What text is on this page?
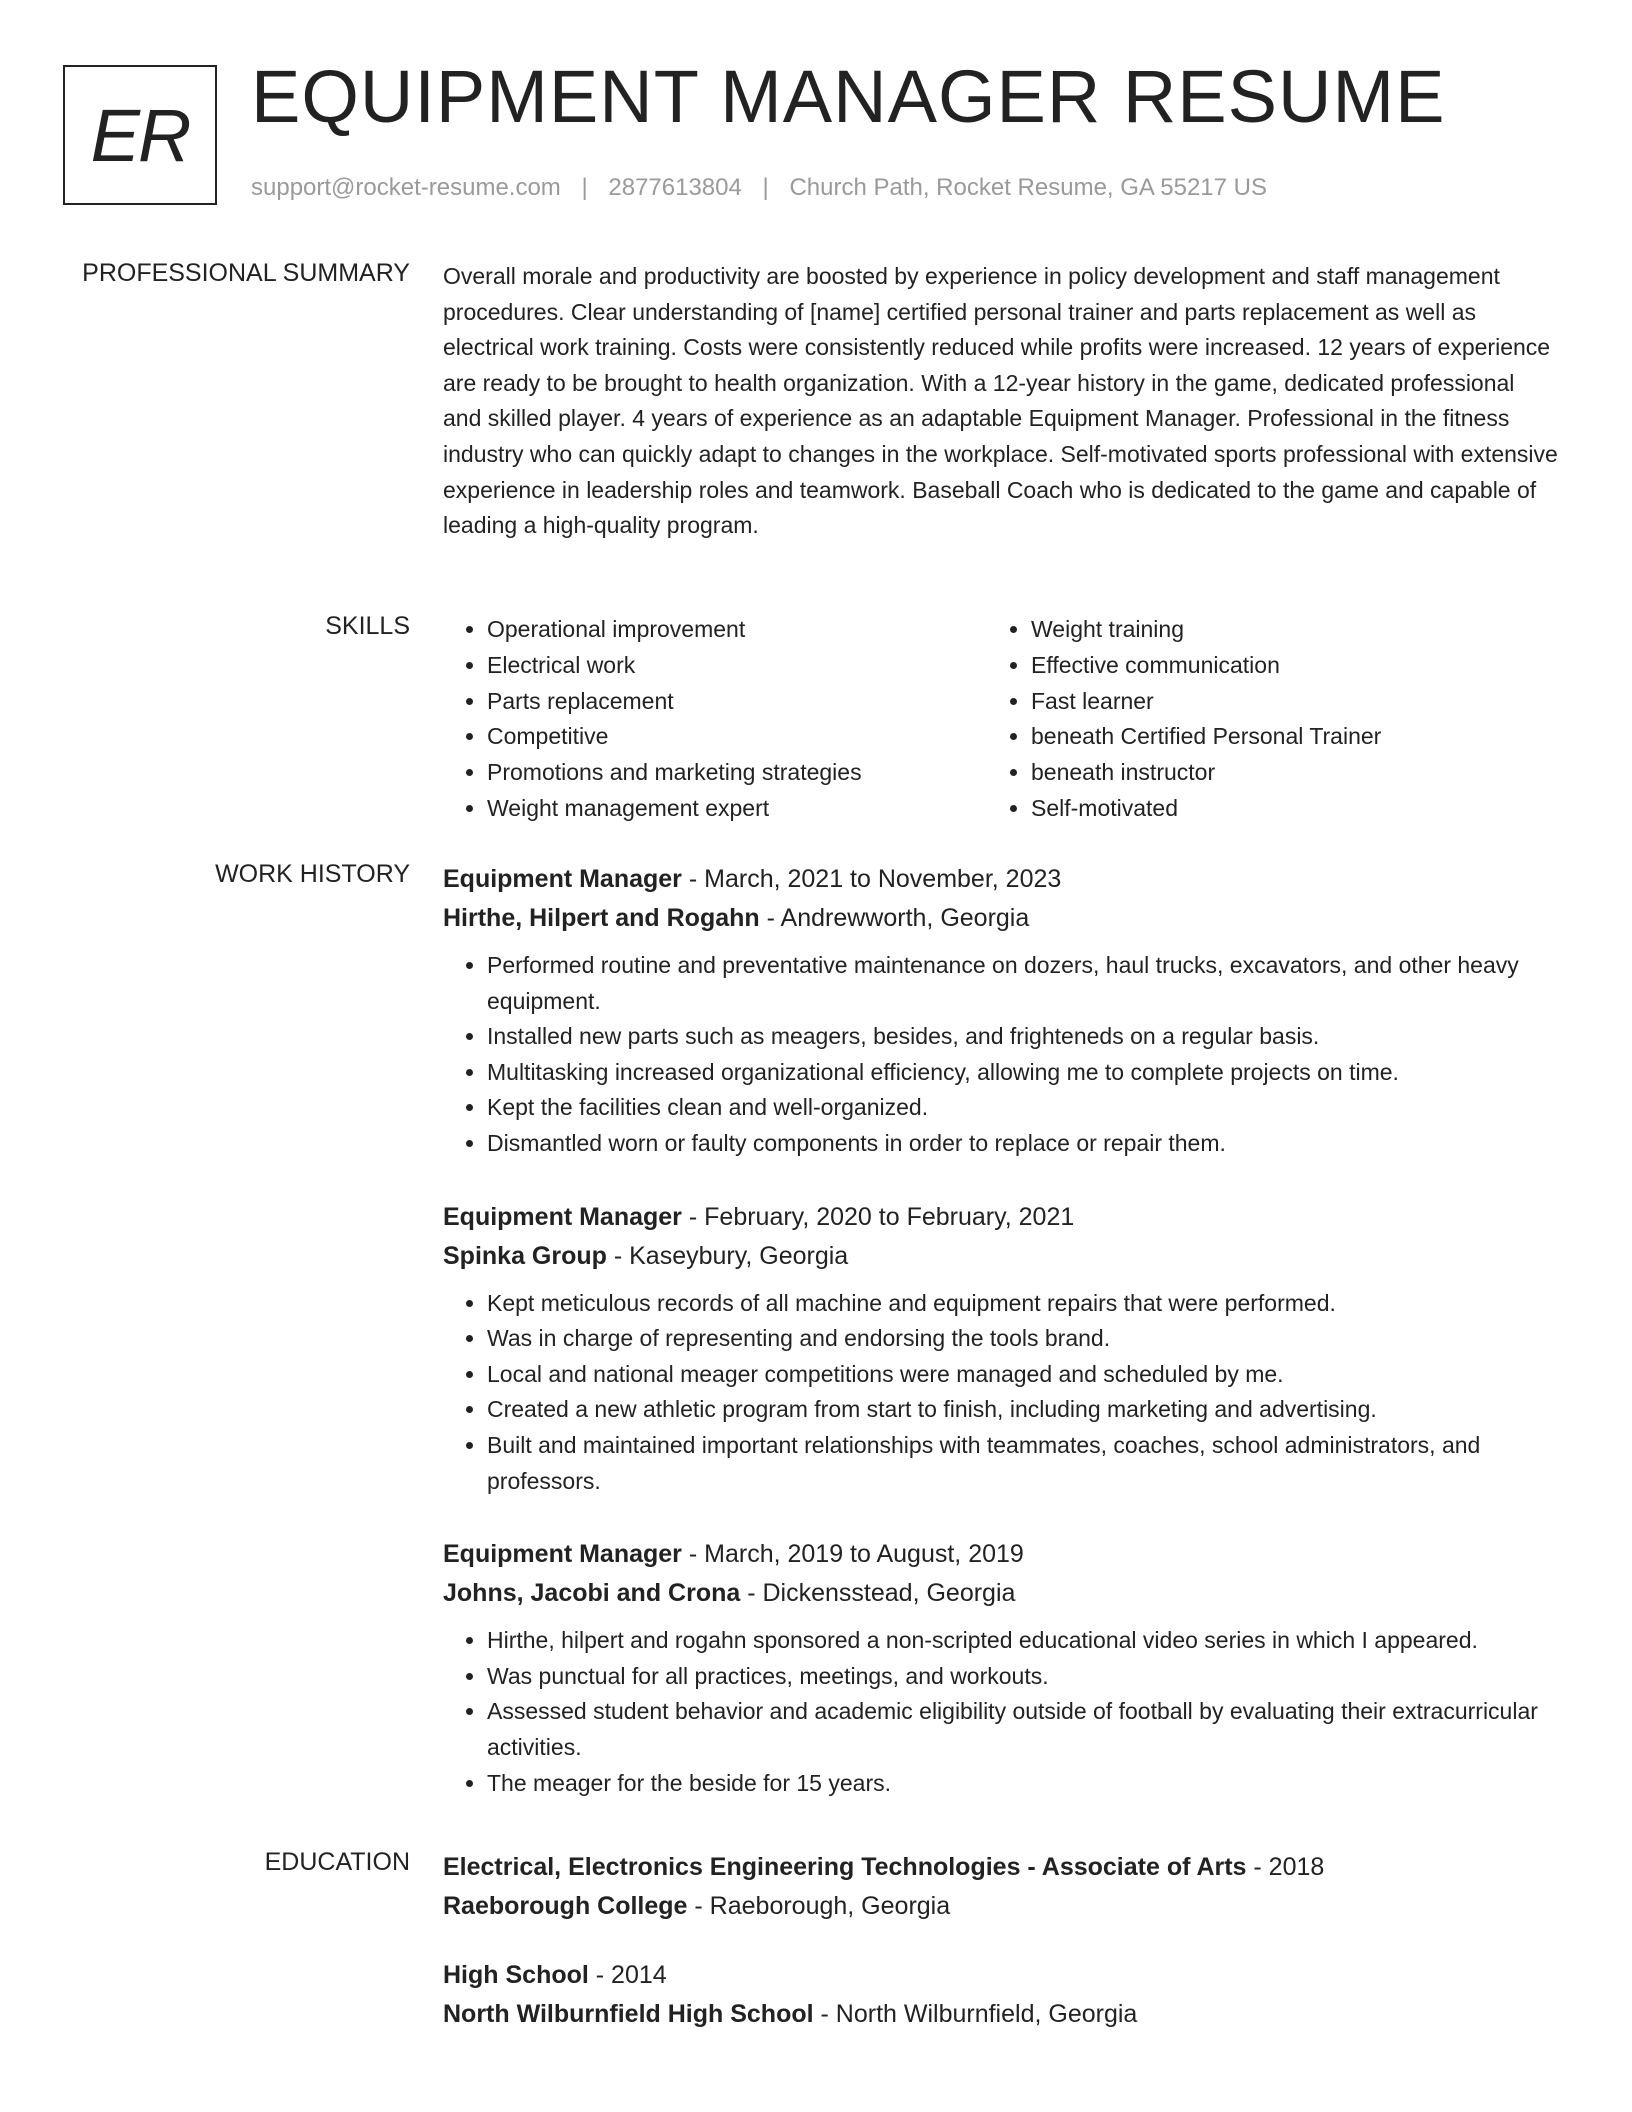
ER EQUIPMENT MANAGER RESUME
support@rocket-resume.com | 2877613804 | Church Path, Rocket Resume, GA 55217 US
PROFESSIONAL SUMMARY Overall morale and productivity are boosted by experience in policy development and staff management procedures. Clear understanding of [name] certified personal trainer and parts replacement as well as electrical work training. Costs were consistently reduced while profits were increased. 12 years of experience are ready to be brought to health organization. With a 12-year history in the game, dedicated professional and skilled player. 4 years of experience as an adaptable Equipment Manager. Professional in the fitness industry who can quickly adapt to changes in the workplace. Self-motivated sports professional with extensive experience in leadership roles and teamwork. Baseball Coach who is dedicated to the game and capable of leading a high-quality program.

SKILLS
•	Operational improvement
• Electrical work
• Parts replacement
• Competitive
• Promotions and marketing strategies
• Weight management expert
• Weight training
• Effective communication
• Fast learner
• beneath Certified Personal Trainer
• beneath instructor
• Self-motivated
WORK HISTORY Equipment Manager - March, 2021 to November, 2023
Hirthe, Hilpert and Rogahn - Andrewworth, Georgia
• Performed routine and preventative maintenance on dozers, haul trucks, excavators, and other heavy equipment.
• Installed new parts such as meagers, besides, and frighteneds on a regular basis.
• Multitasking increased organizational efficiency, allowing me to complete projects on time.
• Kept the facilities clean and well-organized.
• Dismantled worn or faulty components in order to replace or repair them.
Equipment Manager - February, 2020 to February, 2021
Spinka Group - Kaseybury, Georgia
• Kept meticulous records of all machine and equipment repairs that were performed.
• Was in charge of representing and endorsing the tools brand.
• Local and national meager competitions were managed and scheduled by me.
• Created a new athletic program from start to finish, including marketing and advertising.
• Built and maintained important relationships with teammates, coaches, school administrators, and professors.
Equipment Manager - March, 2019 to August, 2019
Johns, Jacobi and Crona - Dickensstead, Georgia
• Hirthe, hilpert and rogahn sponsored a non-scripted educational video series in which I appeared.
• Was punctual for all practices, meetings, and workouts.
• Assessed student behavior and academic eligibility outside of football by evaluating their extracurricular activities.
• The meager for the beside for 15 years.
EDUCATION Electrical, Electronics Engineering Technologies - Associate of Arts - 2018
Raeborough College - Raeborough, Georgia
High School - 2014
North Wilburnfield High School - North Wilburnfield, Georgia
